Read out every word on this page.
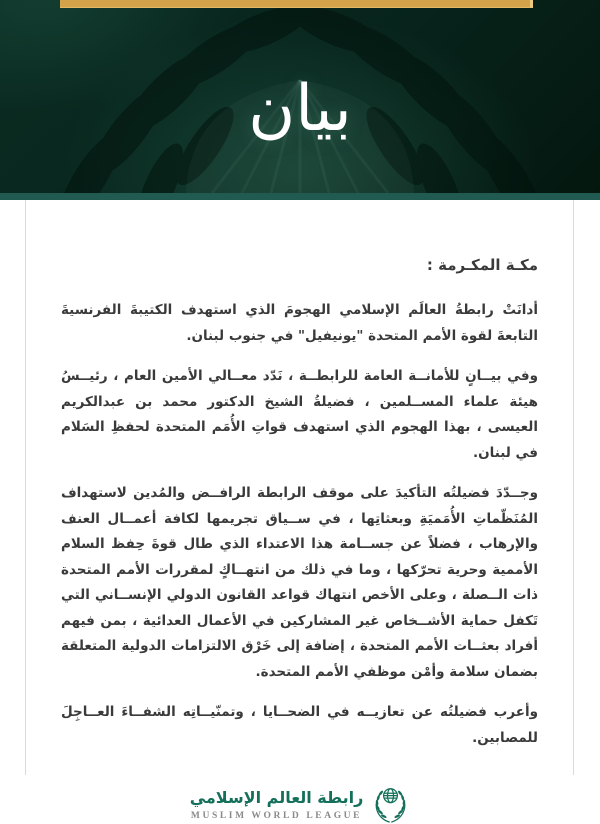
بيان

مكـة المكـرمة :

أدانَتْ رابطةُ العالَم الإسلامي الهجومَ الذي استهدف الكتيبةَ الفرنسيةَ التابعةَ لقوة الأمم المتحدة "يونيفيل" في جنوب لبنان.

وفي بيــانٍ للأمانــة العامة للرابطــة ، نَدّد معــالي الأمين العام ، رئيــسُ هيئة علماء المســلمين ، فضيلةُ الشيخ الدكتور محمد بن عبدالكريم العيسى ، بهذا الهجوم الذي استهدف قواتِ الأُمَم المتحدة لحفظِ السَلام في لبنان.

وجــدّدَ فضيلتُه التأكيدَ على موقف الرابطة الرافــض والمُدين لاستهداف المُنَظّماتِ الأُمَميَةِ وبعثاتِها ، في ســياق تجريمها لكافة أعمــال العنف والإرهاب ، فضلاً عن جســامة هذا الاعتداء الذي طال قوةَ حِفظ السلام الأممية وحرية تحرّكها ، وما في ذلك من انتهــاكٍ لمقررات الأمم المتحدة ذات الــصلة ، وعلى الأخص انتهاك قواعد القانون الدولي الإنســاني التي تَكفل حماية الأشــخاص غير المشاركين في الأعمال العدائية ، بمن فيهم أفراد بعثــات الأمم المتحدة ، إضافة إلى خَرْق الالتزامات الدولية المتعلقة بضمان سلامة وأمْن موظفي الأمم المتحدة.

وأعرب فضيلتُه عن تعازيــه في الضحــايا ، وتمنّيــاتِه الشفــاءَ العــاجِلَ للمصابين.

رابطة العالم الإسلامي
MUSLIM WORLD LEAGUE
